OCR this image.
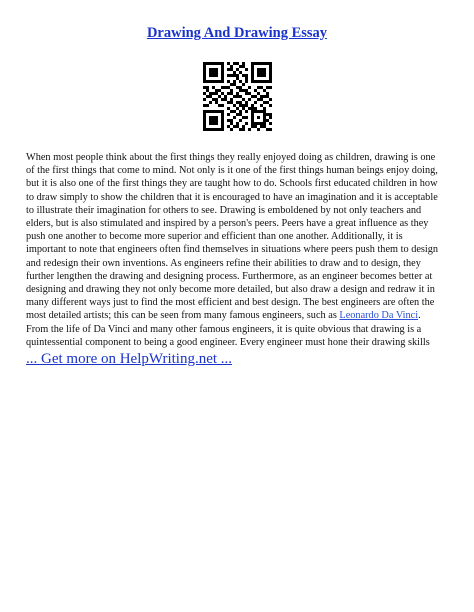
Drawing And Drawing Essay
When most people think about the first things they really enjoyed doing as children, drawing is one
of the first things that come to mind. Not only is it one of the first things human beings enjoy doing,
but it is also one of the first things they are taught how to do. Schools first educated children in how
to draw simply to show the children that it is encouraged to have an imagination and it is acceptable
to illustrate their imagination for others to see. Drawing is emboldened by not only teachers and
elders, but is also stimulated and inspired by a person's peers. Peers have a great influence as they
push one another to become more superior and efficient than one another. Additionally, it is
important to note that engineers often find themselves in situations where peers push them to design
and redesign their own inventions. As engineers refine their abilities to draw and to design, they
further lengthen the drawing and designing process. Furthermore, as an engineer becomes better at
designing and drawing they not only become more detailed, but also draw a design and redraw it in
many different ways just to find the most efficient and best design. The best engineers are often the
most detailed artists; this can be seen from many famous engineers, such as Leonardo Da Vinci.
From the life of Da Vinci and many other famous engineers, it is quite obvious that drawing is a
quintessential component to being a good engineer. Every engineer must hone their drawing skills
... Get more on HelpWriting.net ...
